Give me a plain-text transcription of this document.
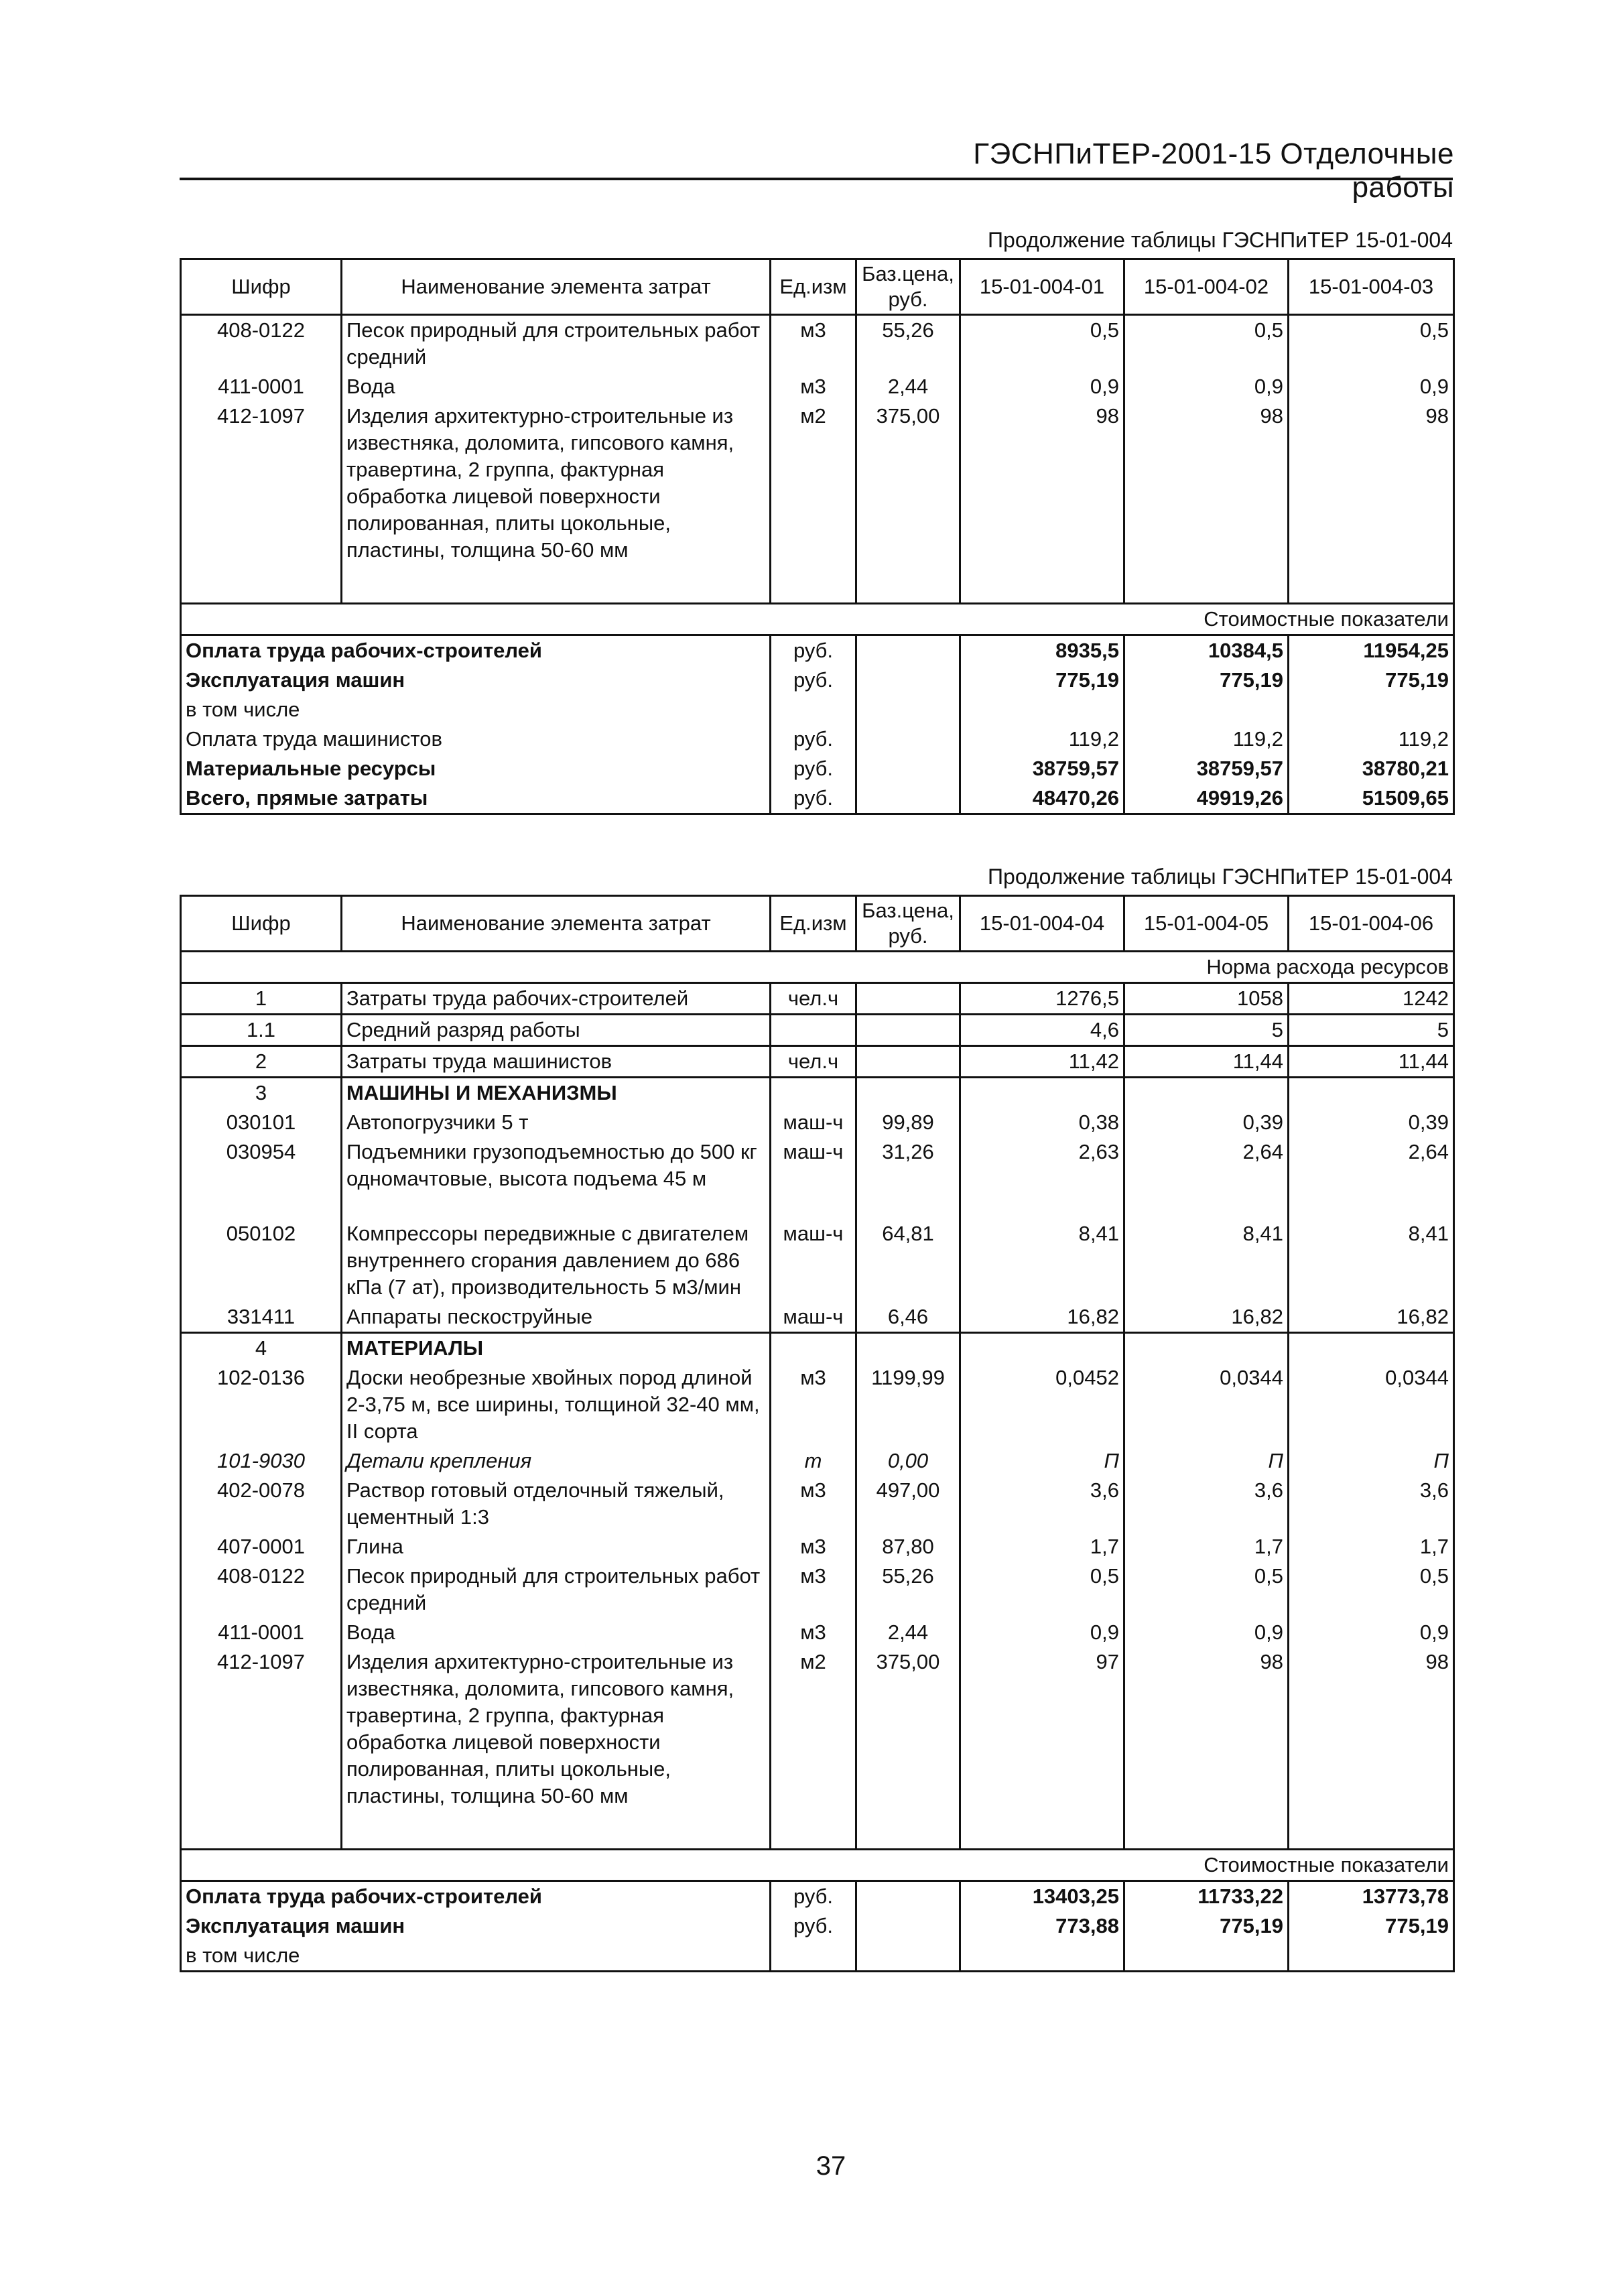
ГЭСНПиТЕР-2001-15 Отделочные работы
Продолжение таблицы ГЭСНПиТЕР 15-01-004
Шифр	Наименование элемента затрат	Ед.изм	Баз.цена, руб.	15-01-004-01	15-01-004-02	15-01-004-03
408-0122	Песок природный для строительных работ средний	м3	55,26	0,5	0,5	0,5
411-0001	Вода	м3	2,44	0,9	0,9	0,9
412-1097	Изделия архитектурно-строительные из известняка, доломита, гипсового камня, травертина, 2 группа, фактурная обработка лицевой поверхности полированная, плиты цокольные, пластины, толщина 50-60 мм	м2	375,00	98	98	98
Стоимостные показатели						
Оплата труда рабочих-строителей		руб.		8935,5	10384,5	11954,25
Эксплуатация машин		руб.		775,19	775,19	775,19
в том числе						
Оплата труда машинистов		руб.		119,2	119,2	119,2
Материальные ресурсы		руб.		38759,57	38759,57	38780,21
Всего, прямые затраты		руб.		48470,26	49919,26	51509,65
Продолжение таблицы ГЭСНПиТЕР 15-01-004
Шифр	Наименование элемента затрат	Ед.изм	Баз.цена, руб.	15-01-004-04	15-01-004-05	15-01-004-06
Норма расхода ресурсов						
1	Затраты труда рабочих-строителей	чел.ч		1276,5	1058	1242
1.1	Средний разряд работы			4,6	5	5
2	Затраты труда машинистов	чел.ч		11,42	11,44	11,44
3	МАШИНЫ И МЕХАНИЗМЫ					
030101	Автопогрузчики 5 т	маш-ч	99,89	0,38	0,39	0,39
030954	Подъемники грузоподъемностью до 500 кг одномачтовые, высота подъема 45 м	маш-ч	31,26	2,63	2,64	2,64
050102	Компрессоры передвижные с двигателем внутреннего сгорания давлением до 686 кПа (7 ат), производительность 5 м3/мин	маш-ч	64,81	8,41	8,41	8,41
331411	Аппараты пескоструйные	маш-ч	6,46	16,82	16,82	16,82
4	МАТЕРИАЛЫ					
102-0136	Доски необрезные хвойных пород длиной 2-3,75 м, все ширины, толщиной 32-40 мм, II сорта	м3	1199,99	0,0452	0,0344	0,0344
101-9030	Детали крепления	т	0,00	П	П	П
402-0078	Раствор готовый отделочный тяжелый, цементный 1:3	м3	497,00	3,6	3,6	3,6
407-0001	Глина	м3	87,80	1,7	1,7	1,7
408-0122	Песок природный для строительных работ средний	м3	55,26	0,5	0,5	0,5
411-0001	Вода	м3	2,44	0,9	0,9	0,9
412-1097	Изделия архитектурно-строительные из известняка, доломита, гипсового камня, травертина, 2 группа, фактурная обработка лицевой поверхности полированная, плиты цокольные, пластины, толщина 50-60 мм	м2	375,00	97	98	98
Стоимостные показатели						
Оплата труда рабочих-строителей		руб.		13403,25	11733,22	13773,78
Эксплуатация машин		руб.		773,88	775,19	775,19
в том числе						
37
